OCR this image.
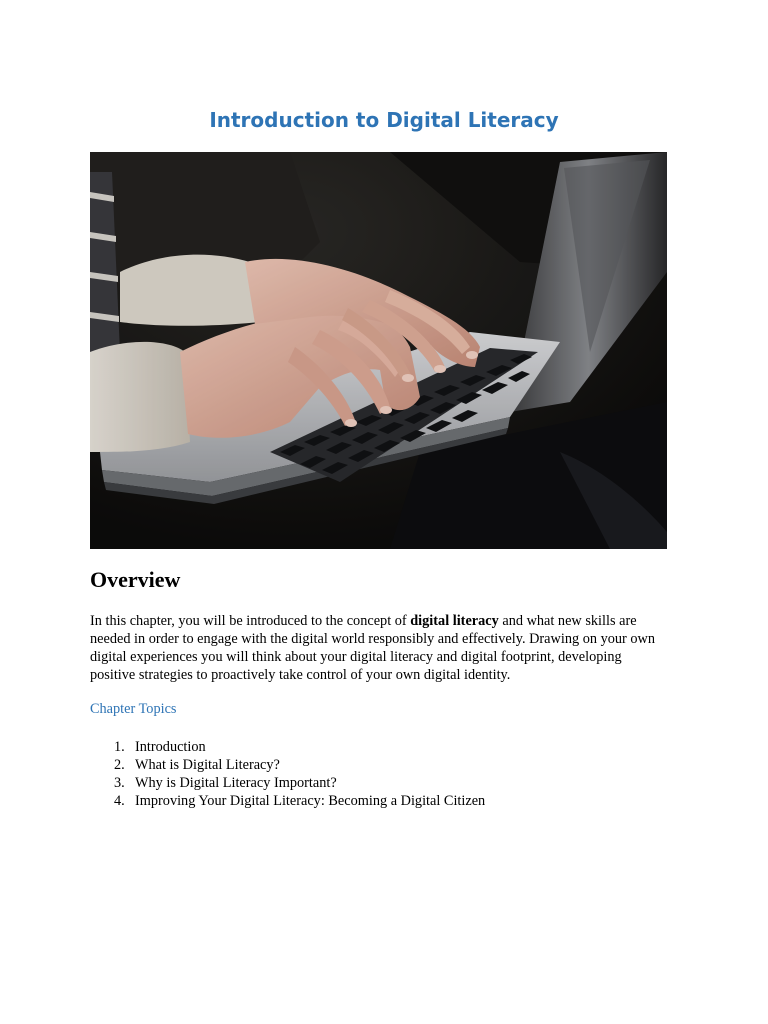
Introduction to Digital Literacy
Overview

In this chapter, you will be introduced to the concept of digital literacy and what new skills are needed in order to engage with the digital world responsibly and effectively. Drawing on your own digital experiences you will think about your digital literacy and digital footprint, developing positive strategies to proactively take control of your own digital identity.

Chapter Topics

1. Introduction
2. What is Digital Literacy?
3. Why is Digital Literacy Important?
4. Improving Your Digital Literacy: Becoming a Digital Citizen
